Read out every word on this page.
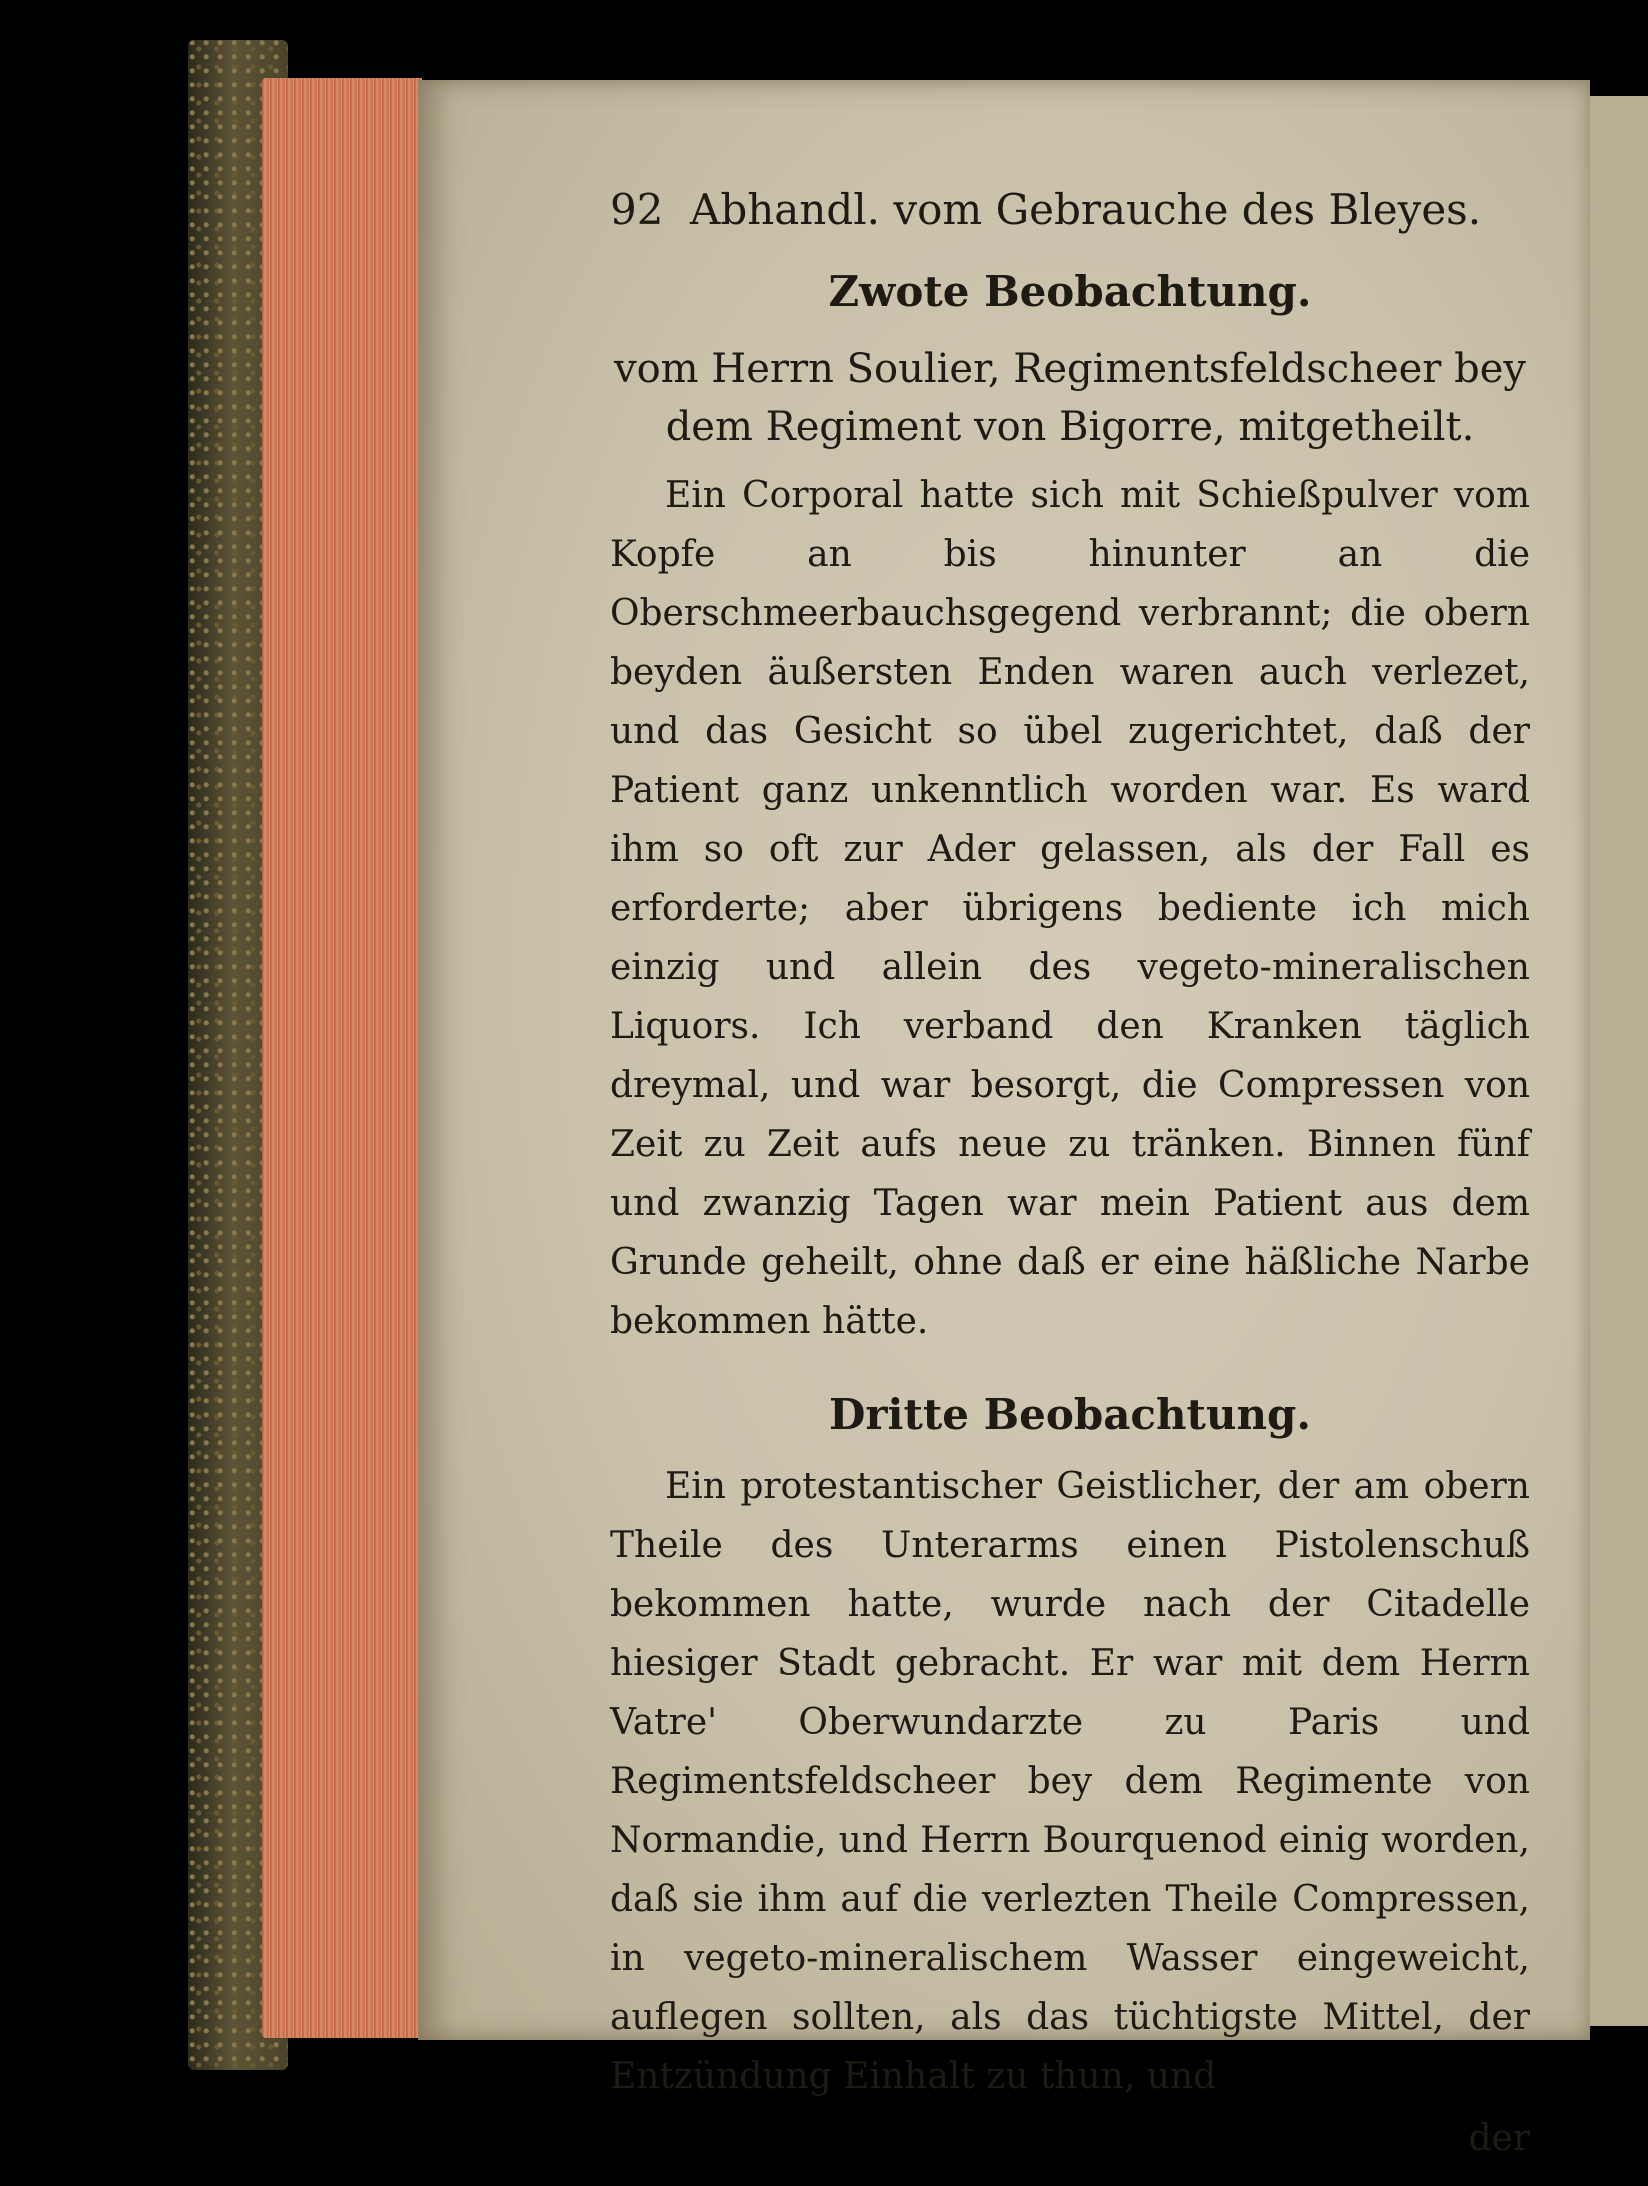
92 Abhandl. vom Gebrauche des Bleyes.
Zwote Beobachtung.

vom Herrn Soulier, Regimentsfeldscheer bey dem Regiment von Bigorre, mitgetheilt.

Ein Corporal hatte sich mit Schießpulver vom Kopfe an bis hinunter an die Oberschmeerbauchsgegend verbrannt; die obern beyden äußersten Enden waren auch verlezet, und das Gesicht so übel zugerichtet, daß der Patient ganz unkenntlich worden war. Es ward ihm so oft zur Ader gelassen, als der Fall es erforderte; aber übrigens bediente ich mich einzig und allein des vegeto-mineralischen Liquors. Ich verband den Kranken täglich dreymal, und war besorgt, die Compressen von Zeit zu Zeit aufs neue zu tränken. Binnen fünf und zwanzig Tagen war mein Patient aus dem Grunde geheilt, ohne daß er eine häßliche Narbe bekommen hätte.

Dritte Beobachtung.

Ein protestantischer Geistlicher, der am obern Theile des Unterarms einen Pistolenschuß bekommen hatte, wurde nach der Citadelle hiesiger Stadt gebracht. Er war mit dem Herrn Vatre' Oberwundarzte zu Paris und Regimentsfeldscheer bey dem Regimente von Normandie, und Herrn Bourquenod einig worden, daß sie ihm auf die verlezten Theile Compressen, in vegeto-mineralischem Wasser eingeweicht, auflegen sollten, als das tüchtigste Mittel, der Entzündung Einhalt zu thun, und

der
